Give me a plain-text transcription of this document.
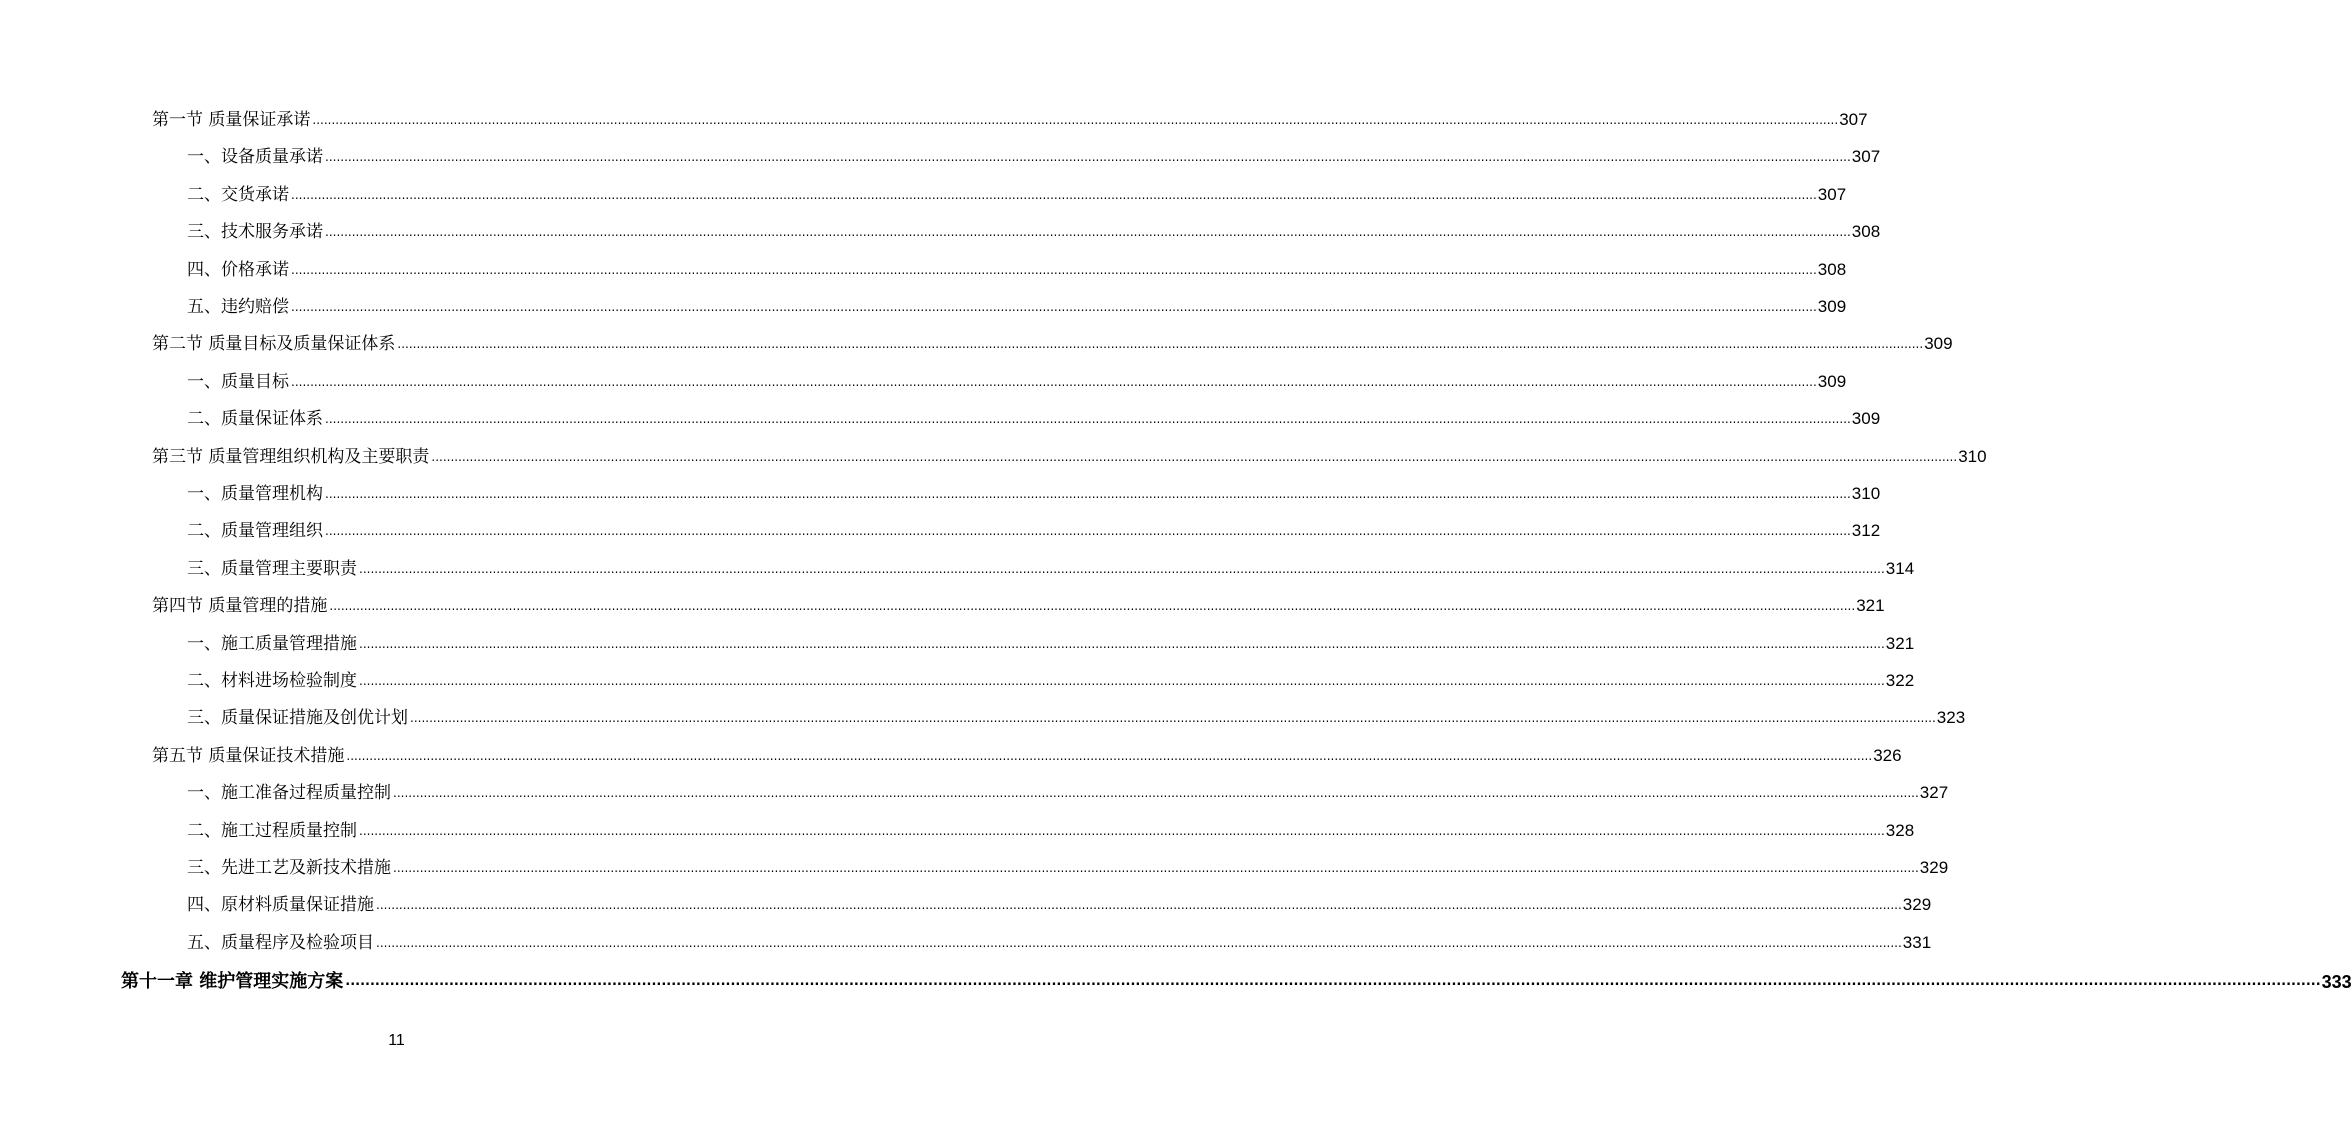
第一节 质量保证承诺 ................................................................................................................................................................................................................................................................................................................................................................................................................ 307
一、设备质量承诺 ................................................................................................................................................................................................................................................................................................................................................................................................................ 307
二、交货承诺 ................................................................................................................................................................................................................................................................................................................................................................................................................ 307
三、技术服务承诺 ................................................................................................................................................................................................................................................................................................................................................................................................................ 308
四、价格承诺 ................................................................................................................................................................................................................................................................................................................................................................................................................ 308
五、违约赔偿 ................................................................................................................................................................................................................................................................................................................................................................................................................ 309
第二节 质量目标及质量保证体系 ................................................................................................................................................................................................................................................................................................................................................................................................................ 309
一、质量目标 ................................................................................................................................................................................................................................................................................................................................................................................................................ 309
二、质量保证体系 ................................................................................................................................................................................................................................................................................................................................................................................................................ 309
第三节 质量管理组织机构及主要职责 ................................................................................................................................................................................................................................................................................................................................................................................................................ 310
一、质量管理机构 ................................................................................................................................................................................................................................................................................................................................................................................................................ 310
二、质量管理组织 ................................................................................................................................................................................................................................................................................................................................................................................................................ 312
三、质量管理主要职责 ................................................................................................................................................................................................................................................................................................................................................................................................................ 314
第四节 质量管理的措施 ................................................................................................................................................................................................................................................................................................................................................................................................................ 321
一、施工质量管理措施 ................................................................................................................................................................................................................................................................................................................................................................................................................ 321
二、材料进场检验制度 ................................................................................................................................................................................................................................................................................................................................................................................................................ 322
三、质量保证措施及创优计划 ................................................................................................................................................................................................................................................................................................................................................................................................................ 323
第五节 质量保证技术措施 ................................................................................................................................................................................................................................................................................................................................................................................................................ 326
一、施工准备过程质量控制 ................................................................................................................................................................................................................................................................................................................................................................................................................ 327
二、施工过程质量控制 ................................................................................................................................................................................................................................................................................................................................................................................................................ 328
三、先进工艺及新技术措施 ................................................................................................................................................................................................................................................................................................................................................................................................................ 329
四、原材料质量保证措施 ................................................................................................................................................................................................................................................................................................................................................................................................................ 329
五、质量程序及检验项目 ................................................................................................................................................................................................................................................................................................................................................................................................................ 331
第十一章 维护管理实施方案 ................................................................................................................................................................................................................................................................................................................................................................................................................ 333
11
